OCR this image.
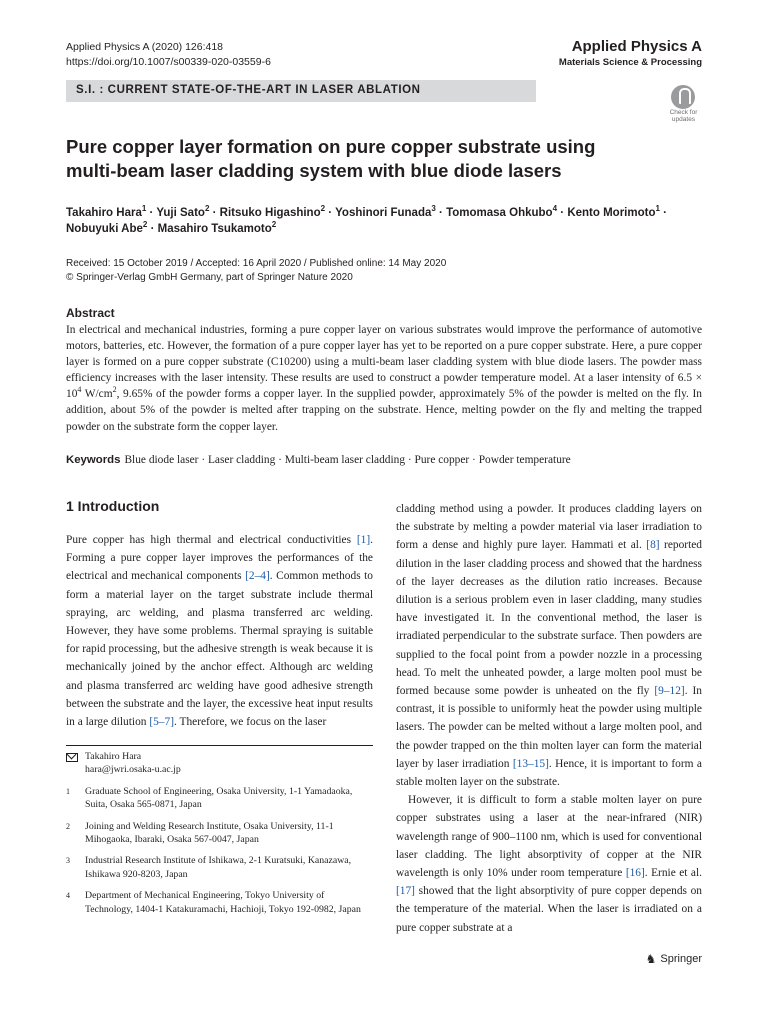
Applied Physics A (2020) 126:418
https://doi.org/10.1007/s00339-020-03559-6
Applied Physics A
Materials Science & Processing
S.I. : CURRENT STATE-OF-THE-ART IN LASER ABLATION
Check for updates
Pure copper layer formation on pure copper substrate using multi-beam laser cladding system with blue diode lasers
Takahiro Hara$^1$ · Yuji Sato$^2$ · Ritsuko Higashino$^2$ · Yoshinori Funada$^3$ · Tomomasa Ohkubo$^4$ · Kento Morimoto$^1$ ·
Nobuyuki Abe$^2$ · Masahiro Tsukamoto$^2$
Received: 15 October 2019 / Accepted: 16 April 2020 / Published online: 14 May 2020
© Springer-Verlag GmbH Germany, part of Springer Nature 2020
Abstract
In electrical and mechanical industries, forming a pure copper layer on various substrates would improve the performance of automotive motors, batteries, etc. However, the formation of a pure copper layer has yet to be reported on a pure copper substrate. Here, a pure copper layer is formed on a pure copper substrate (C10200) using a multi-beam laser cladding system with blue diode lasers. The powder mass efficiency increases with the laser intensity. These results are used to construct a powder temperature model. At a laser intensity of $6.5 \times 10^4$ $W/cm^2$, 9.65% of the powder forms a copper layer. In the supplied powder, approximately 5% of the powder is melted on the fly. In addition, about 5% of the powder is melted after trapping on the substrate. Hence, melting powder on the fly and melting the trapped powder on the substrate form the copper layer.
Keywords Blue diode laser · Laser cladding · Multi-beam laser cladding · Pure copper · Powder temperature
1 Introduction
Pure copper has high thermal and electrical conductivities [1]. Forming a pure copper layer improves the performances of the electrical and mechanical components [2–4]. Common methods to form a material layer on the target substrate include thermal spraying, arc welding, and plasma transferred arc welding. However, they have some problems. Thermal spraying is suitable for rapid processing, but the adhesive strength is weak because it is mechanically joined by the anchor effect. Although arc welding and plasma transferred arc welding have good adhesive strength between the substrate and the layer, the excessive heat input results in a large dilution [5–7]. Therefore, we focus on the laser

cladding method using a powder. It produces cladding layers on the substrate by melting a powder material via laser irradiation to form a dense and highly pure layer. Hammati et al. [8] reported dilution in the laser cladding process and showed that the hardness of the layer decreases as the dilution ratio increases. Because dilution is a serious problem even in laser cladding, many studies have investigated it. In the conventional method, the laser is irradiated perpendicular to the substrate surface. Then powders are supplied to the focal point from a powder nozzle in a processing head. To melt the unheated powder, a large molten pool must be formed because some powder is unheated on the fly [9–12]. In contrast, it is possible to uniformly heat the powder using multiple lasers. The powder can be melted without a large molten pool, and the powder trapped on the thin molten layer can form the material layer by laser irradiation [13–15]. Hence, it is important to form a stable molten layer on the substrate.

However, it is difficult to form a stable molten layer on pure copper substrates using a laser at the near-infrared (NIR) wavelength range of 900–1100 nm, which is used for conventional laser cladding. The light absorptivity of copper at the NIR wavelength is only 10% under room temperature [16]. Ernie et al. [17] showed that the light absorptivity of pure copper depends on the temperature of the material. When the laser is irradiated on a pure copper substrate at a

Takahiro Hara
hara@jwri.osaka-u.ac.jp
1	Graduate School of Engineering, Osaka University, 1-1 Yamadaoka, Suita, Osaka 565-0871, Japan
2	Joining and Welding Research Institute, Osaka University, 11-1 Mihogaoka, Ibaraki, Osaka 567-0047, Japan
3	Industrial Research Institute of Ishikawa, 2-1 Kuratsuki, Kanazawa, Ishikawa 920-8203, Japan
4	Department of Mechanical Engineering, Tokyo University of Technology, 1404-1 Katakuramachi, Hachioji, Tokyo 192-0982, Japan
♞ Springer
